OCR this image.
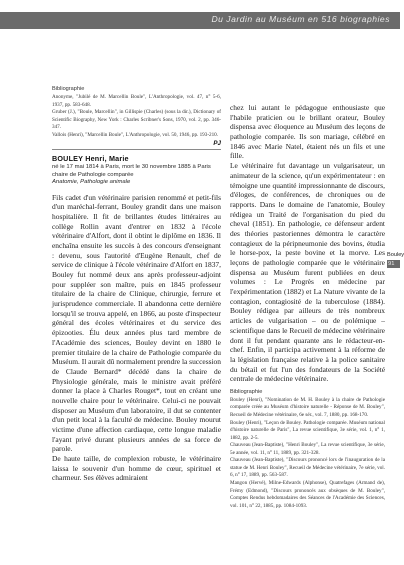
Du Jardin au Muséum en 516 biographies
Bibliographie
Anonyme, "Jubilé de M. Marcellin Boule", L'Anthropologie, vol. 47, n° 5-6, 1937, pp. 583-648.
Gruber (J.), "Boule, Marcellin", in Gillispie (Charles) (sous la dir.), Dictionary of Scientific Biography, New York : Charles Scribner's Sons, 1970, vol. 2, pp. 346-347.
Vallois (Henri), "Marcellin Boule", L'Anthropologie, vol. 50, 1946, pp. 193-210.
PJ
BOULEY Henri, Marie
né le 17 mai 1814 à Paris, mort le 30 novembre 1885 à Paris
chaire de Pathologie comparée
Anatomie, Pathologie animale
Fils cadet d'un vétérinaire parisien renommé et petit-fils d'un maréchal-ferrant, Bouley grandit dans une maison hospitalière. Il fit de brillantes études littéraires au collège Rollin avant d'entrer en 1832 à l'école vétérinaire d'Alfort, dont il obtint le diplôme en 1836. Il enchaîna ensuite les succès à des concours d'enseignant : devenu, sous l'autorité d'Eugène Renault, chef de service de clinique à l'école vétérinaire d'Alfort en 1837, Bouley fut nommé deux ans après professeur-adjoint pour suppléer son maître, puis en 1845 professeur titulaire de la chaire de Clinique, chirurgie, ferrure et jurisprudence commerciale. Il abandonna cette dernière lorsqu'il se trouva appelé, en 1866, au poste d'inspecteur général des écoles vétérinaires et du service des épizooties. Élu deux années plus tard membre de l'Académie des sciences, Bouley devint en 1880 le premier titulaire de la chaire de Pathologie comparée du Muséum. Il aurait dû normalement prendre la succession de Claude Bernard* décédé dans la chaire de Physiologie générale, mais le ministre avait préféré donner la place à Charles Rouget*, tout en créant une nouvelle chaire pour le vétérinaire. Celui-ci ne pouvait disposer au Muséum d'un laboratoire, il dut se contenter d'un petit local à la faculté de médecine. Bouley mourut victime d'une affection cardiaque, cette longue maladie l'ayant privé durant plusieurs années de sa force de parole.
De haute taille, de complexion robuste, le vétérinaire laissa le souvenir d'un homme de cœur, spirituel et charmeur. Ses élèves admiraient
chez lui autant le pédagogue enthousiaste que l'habile praticien ou le brillant orateur, Bouley dispensa avec éloquence au Muséum des leçons de pathologie comparée. Ils son mariage, célébré en 1846 avec Marie Natel, étaient nés un fils et une fille.
Le vétérinaire fut davantage un vulgarisateur, un animateur de la science, qu'un expérimentateur : en témoigne une quantité impressionnante de discours, d'éloges, de conférences, de chroniques ou de rapports. Dans le domaine de l'anatomie, Bouley rédigea un Traité de l'organisation du pied du cheval (1851). En pathologie, ce défenseur ardent des théories pastoriennes démontra le caractère contagieux de la péripneumonie des bovins, étudia le horse-pox, la peste bovine et la morve. Les leçons de pathologie comparée que le vétérinaire dispensa au Muséum furent publiées en deux volumes : Le Progrès en médecine par l'expérimentation (1882) et La Nature vivante de la contagion, contagiosité de la tuberculose (1884). Bouley rédigea par ailleurs de très nombreux articles de vulgarisation – ou de polémique – scientifique dans le Recueil de médecine vétérinaire dont il fut pendant quarante ans le rédacteur-en-chef. Enfin, il participa activement à la réforme de la législation française relative à la police sanitaire du bétail et fut l'un des fondateurs de la Société centrale de médecine vétérinaire.
Bibliographie
Bouley (Henri), "Nomination de M. H. Bouley à la chaire de Pathologie comparée créée au Muséum d'histoire naturelle - Réponse de M. Bouley", Recueil de Médecine vétérinaire, 6e sér., vol. 7, 1880, pp. 168-170.
Bouley (Henri), "Leçon de Bouley. Pathologie comparée. Muséum national d'histoire naturelle de Paris", La revue scientifique, 3e série, vol. 1, n° 1, 1882, pp. 2-5.
Chauveau (Jean-Baptiste), "Henri Bouley", La revue scientifique, 3e série, 5e année, vol. 11, n° 11, 1889, pp. 321-328.
Chauveau (Jean-Baptiste), "Discours prononcé lors de l'inauguration de la statue de M. Henri Bouley", Recueil de Médecine vétérinaire, 7e série, vol. 6, n° 17, 1889, pp. 563-587.
Mangon (Hervé), Milne-Edwards (Alphonse), Quatrefages (Armand de), Frémy (Edmond), "Discours prononcés aux obsèques de M. Bouley", Comptes Rendus hebdomadaires des Séances de l'Académie des Sciences, vol. 101, n° 22, 1885, pp. 1084-1093.
Bouley
91
